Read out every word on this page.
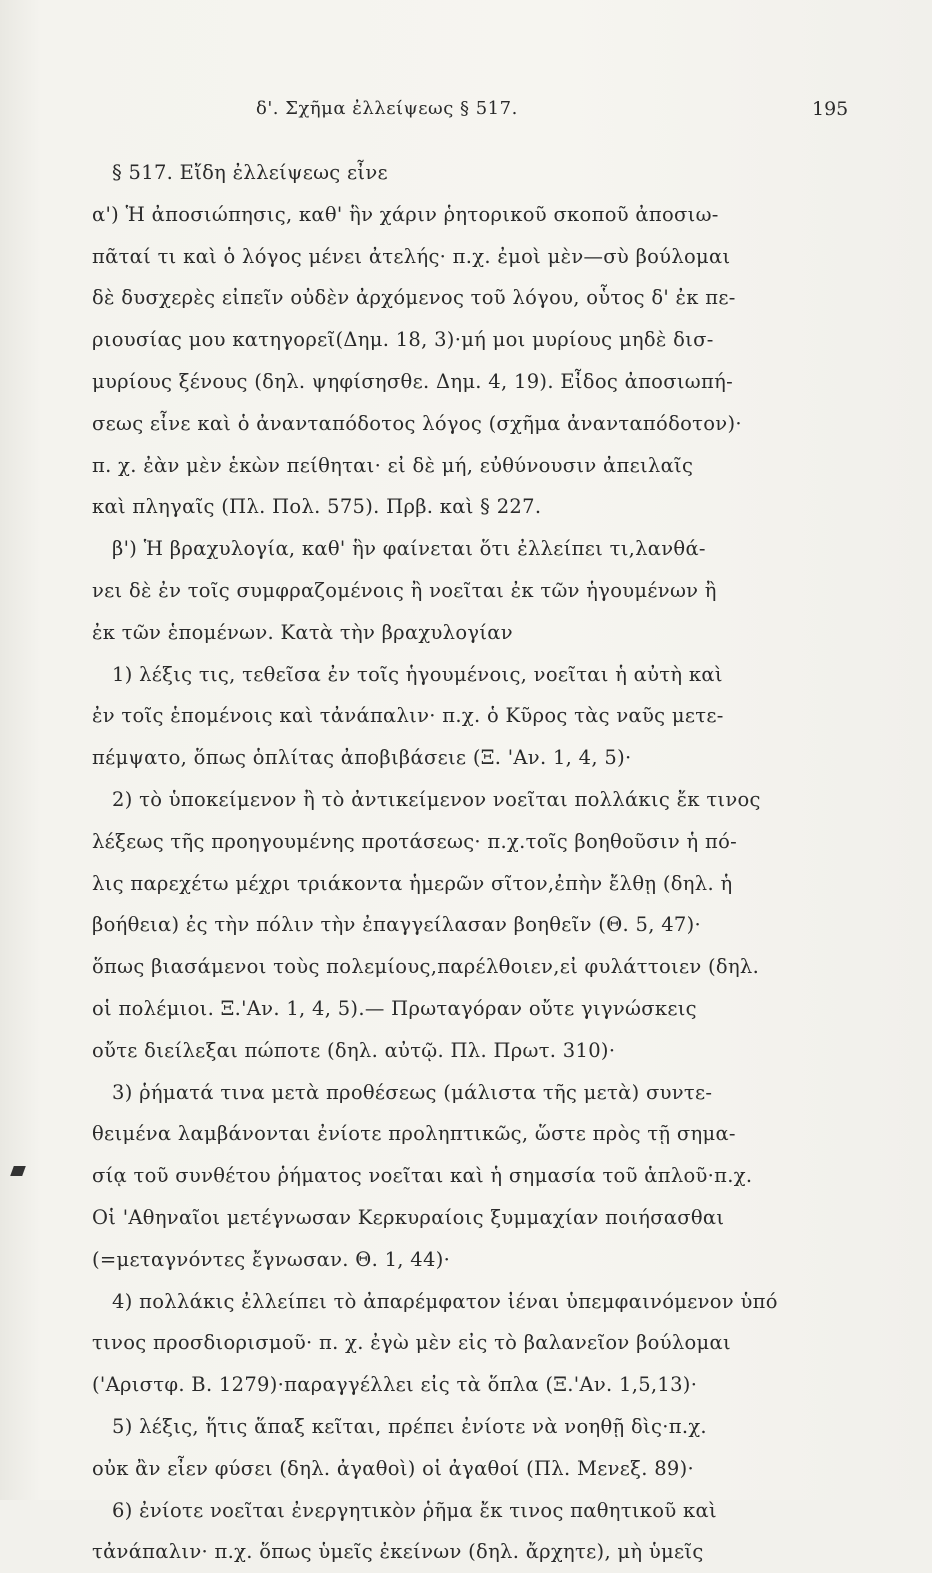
δ'. Σχῆμα ἐλλείψεως § 517.	195
§ 517. Εἴδη ἐλλείψεως εἶνε
α') Ἡ ἀποσιώπησις, καθ' ἣν χάριν ῥητορικοῦ σκοποῦ ἀποσιω-
πᾶταί τι καὶ ὁ λόγος μένει ἀτελής· π.χ. ἐμοὶ μὲν—σὺ βούλομαι
δὲ δυσχερὲς εἰπεῖν οὐδὲν ἀρχόμενος τοῦ λόγου, οὗτος δ' ἐκ πε-
ριουσίας μου κατηγορεῖ(Δημ. 18, 3)·μή μοι μυρίους μηδὲ δισ-
μυρίους ξένους (δηλ. ψηφίσησθε. Δημ. 4, 19). Εἶδος ἀποσιωπή-
σεως εἶνε καὶ ὁ ἀνανταπόδοτος λόγος (σχῆμα ἀνανταπόδοτον)·
π. χ. ἐὰν μὲν ἑκὼν πείθηται· εἰ δὲ μή, εὐθύνουσιν ἀπειλαῖς
καὶ πληγαῖς (Πλ. Πολ. 575). Πρβ. καὶ § 227.
β') Ἡ βραχυλογία, καθ' ἣν φαίνεται ὅτι ἐλλείπει τι,λανθά-
νει δὲ ἐν τοῖς συμφραζομένοις ἢ νοεῖται ἐκ τῶν ἡγουμένων ἢ
ἐκ τῶν ἑπομένων. Κατὰ τὴν βραχυλογίαν
1) λέξις τις, τεθεῖσα ἐν τοῖς ἡγουμένοις, νοεῖται ἡ αὐτὴ καὶ
ἐν τοῖς ἑπομένοις καὶ τἀνάπαλιν· π.χ. ὁ Κῦρος τὰς ναῦς μετε-
πέμψατο, ὅπως ὁπλίτας ἀποβιβάσειε (Ξ. 'Αν. 1, 4, 5)·
2) τὸ ὑποκείμενον ἢ τὸ ἀντικείμενον νοεῖται πολλάκις ἔκ τινος
λέξεως τῆς προηγουμένης προτάσεως· π.χ.τοῖς βοηθοῦσιν ἡ πό-
λις παρεχέτω μέχρι τριάκοντα ἡμερῶν σῖτον,ἐπὴν ἔλθῃ (δηλ. ἡ
βοήθεια) ἐς τὴν πόλιν τὴν ἐπαγγείλασαν βοηθεῖν (Θ. 5, 47)·
ὅπως βιασάμενοι τοὺς πολεμίους,παρέλθοιεν,εἰ φυλάττοιεν (δηλ.
οἱ πολέμιοι. Ξ.'Αν. 1, 4, 5).— Πρωταγόραν οὔτε γιγνώσκεις
οὔτε διείλεξαι πώποτε (δηλ. αὐτῷ. Πλ. Πρωτ. 310)·
3) ῥήματά τινα μετὰ προθέσεως (μάλιστα τῆς μετὰ) συντε-
θειμένα λαμβάνονται ἐνίοτε προληπτικῶς, ὥστε πρὸς τῇ σημα-
σίᾳ τοῦ συνθέτου ῥήματος νοεῖται καὶ ἡ σημασία τοῦ ἁπλοῦ·π.χ.
Οἱ 'Αθηναῖοι μετέγνωσαν Κερκυραίοις ξυμμαχίαν ποιήσασθαι
(=μεταγνόντες ἔγνωσαν. Θ. 1, 44)·
4) πολλάκις ἐλλείπει τὸ ἀπαρέμφατον ἰέναι ὑπεμφαινόμενον ὑπό
τινος προσδιορισμοῦ· π. χ. ἐγὼ μὲν εἰς τὸ βαλανεῖον βούλομαι
('Αριστφ. Β. 1279)·παραγγέλλει εἰς τὰ ὅπλα (Ξ.'Αν. 1,5,13)·
5) λέξις, ἥτις ἅπαξ κεῖται, πρέπει ἐνίοτε νὰ νοηθῇ δὶς·π.χ.
οὐκ ἂν εἶεν φύσει (δηλ. ἀγαθοὶ) οἱ ἀγαθοί (Πλ. Μενεξ. 89)·
6) ἐνίοτε νοεῖται ἐνεργητικὸν ῥῆμα ἔκ τινος παθητικοῦ καὶ
τἀνάπαλιν· π.χ. ὅπως ὑμεῖς ἐκείνων (δηλ. ἄρχητε), μὴ ὑμεῖς
